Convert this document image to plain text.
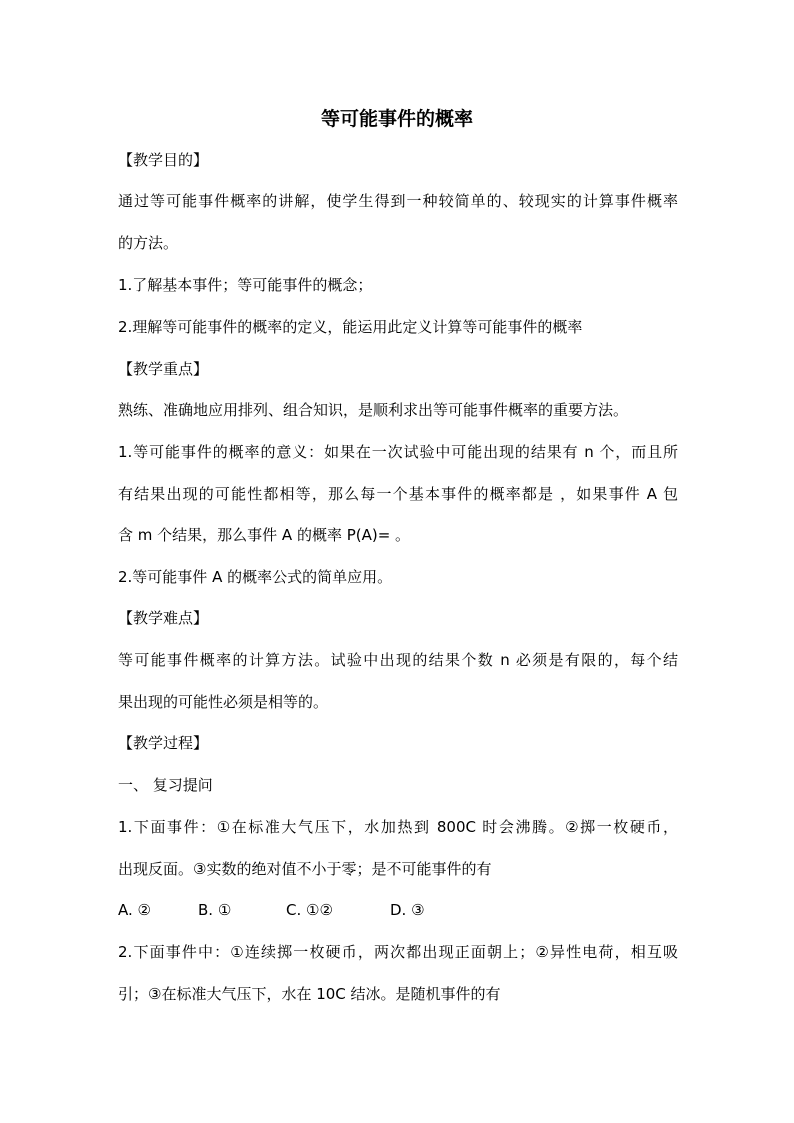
等可能事件的概率
【教学目的】
通过等可能事件概率的讲解，使学生得到一种较简单的、较现实的计算事件概率
的方法。
1.了解基本事件；等可能事件的概念；
2.理解等可能事件的概率的定义，能运用此定义计算等可能事件的概率
【教学重点】
熟练、准确地应用排列、组合知识，是顺利求出等可能事件概率的重要方法。
1.等可能事件的概率的意义：如果在一次试验中可能出现的结果有 n 个，而且所
有结果出现的可能性都相等，那么每一个基本事件的概率都是 ，如果事件 A 包
含 m 个结果，那么事件 A 的概率 P(A)= 。
2.等可能事件 A 的概率公式的简单应用。
【教学难点】
等可能事件概率的计算方法。试验中出现的结果个数 n 必须是有限的，每个结
果出现的可能性必须是相等的。
【教学过程】
一、 复习提问
1.下面事件：①在标准大气压下，水加热到 800C 时会沸腾。②掷一枚硬币，
出现反面。③实数的绝对值不小于零；是不可能事件的有
A. ②	B. ①	C. ①②	D. ③
2.下面事件中：①连续掷一枚硬币，两次都出现正面朝上；②异性电荷，相互吸
引；③在标准大气压下，水在 10C 结冰。是随机事件的有
